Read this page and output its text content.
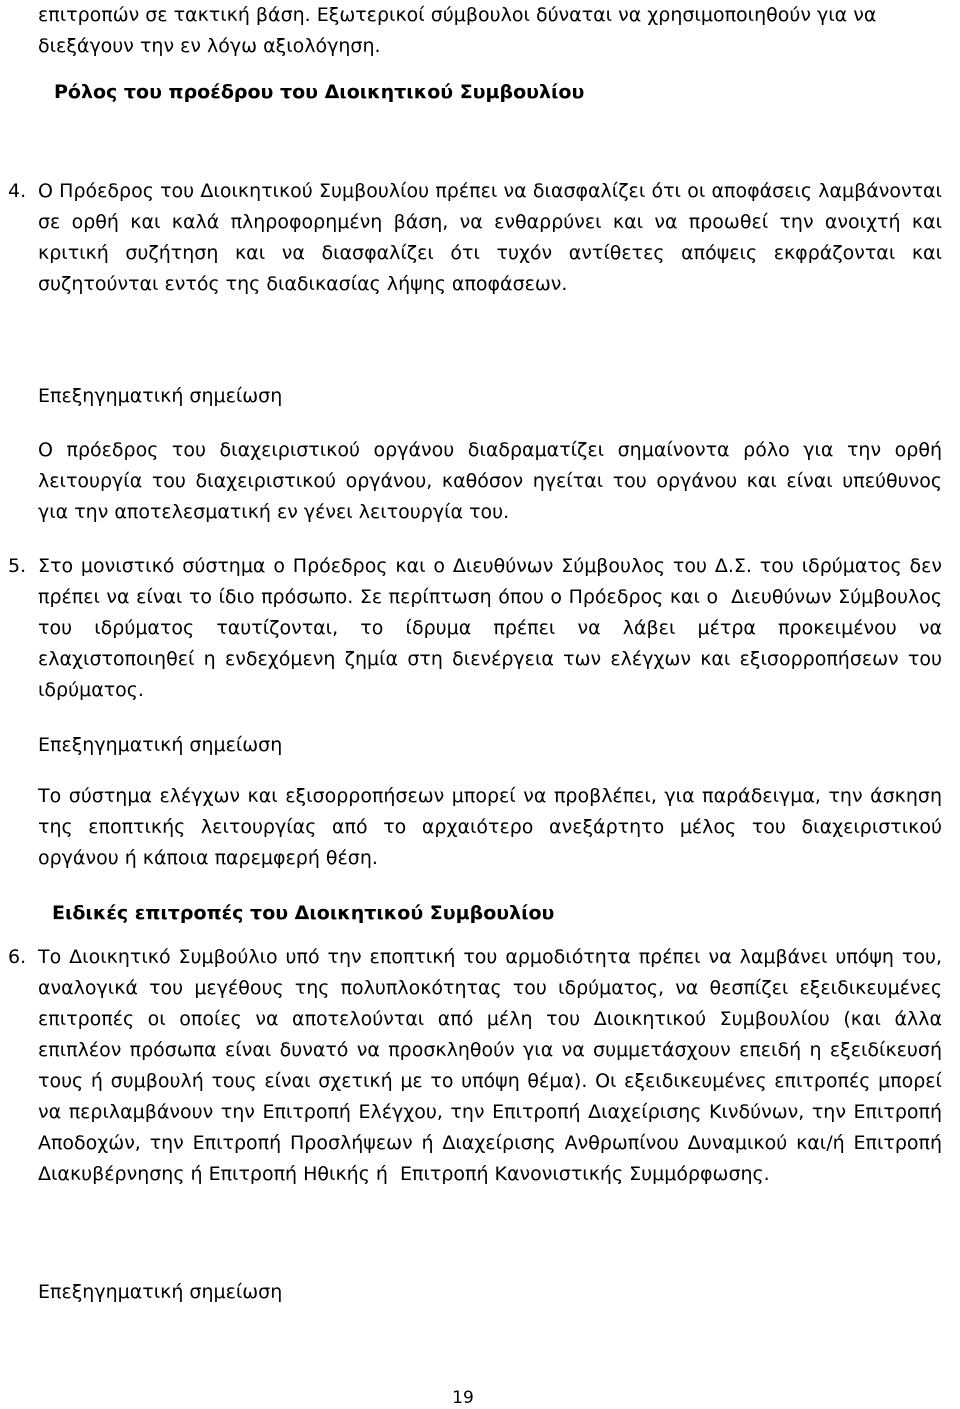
επιτροπών σε τακτική βάση. Εξωτερικοί σύμβουλοι δύναται να χρησιμοποιηθούν για να διεξάγουν την εν λόγω αξιολόγηση.
Ρόλος του προέδρου του Διοικητικού Συμβουλίου
4. Ο Πρόεδρος του Διοικητικού Συμβουλίου πρέπει να διασφαλίζει ότι οι αποφάσεις λαμβάνονται σε ορθή και καλά πληροφορημένη βάση, να ενθαρρύνει και να προωθεί την ανοιχτή και κριτική συζήτηση και να διασφαλίζει ότι τυχόν αντίθετες απόψεις εκφράζονται και συζητούνται εντός της διαδικασίας λήψης αποφάσεων.
Επεξηγηματική σημείωση
Ο πρόεδρος του διαχειριστικού οργάνου διαδραματίζει σημαίνοντα ρόλο για την ορθή λειτουργία του διαχειριστικού οργάνου, καθόσον ηγείται του οργάνου και είναι υπεύθυνος για την αποτελεσματική εν γένει λειτουργία του.
5. Στο μονιστικό σύστημα ο Πρόεδρος και ο Διευθύνων Σύμβουλος του Δ.Σ. του ιδρύματος δεν πρέπει να είναι το ίδιο πρόσωπο. Σε περίπτωση όπου ο Πρόεδρος και ο  Διευθύνων Σύμβουλος  του ιδρύματος ταυτίζονται, το ίδρυμα πρέπει να λάβει μέτρα προκειμένου να ελαχιστοποιηθεί η ενδεχόμενη ζημία στη διενέργεια των ελέγχων και εξισορροπήσεων του ιδρύματος.
Επεξηγηματική σημείωση
Το σύστημα ελέγχων και εξισορροπήσεων μπορεί να προβλέπει, για παράδειγμα, την άσκηση της εποπτικής λειτουργίας από το αρχαιότερο ανεξάρτητο μέλος του διαχειριστικού οργάνου ή κάποια παρεμφερή θέση.
Ειδικές επιτροπές του Διοικητικού Συμβουλίου
6. Το Διοικητικό Συμβούλιο υπό την εποπτική του αρμοδιότητα πρέπει να λαμβάνει υπόψη του, αναλογικά του μεγέθους της πολυπλοκότητας του ιδρύματος, να θεσπίζει εξειδικευμένες επιτροπές οι οποίες να αποτελούνται από μέλη του Διοικητικού Συμβουλίου (και άλλα  επιπλέον πρόσωπα είναι δυνατό να προσκληθούν για να συμμετάσχουν επειδή η εξειδίκευσή τους ή συμβουλή τους είναι σχετική με το υπόψη θέμα). Οι εξειδικευμένες επιτροπές μπορεί να περιλαμβάνουν την Επιτροπή Ελέγχου, την Επιτροπή Διαχείρισης Κινδύνων, την Επιτροπή Αποδοχών, την Επιτροπή Προσλήψεων ή Διαχείρισης Ανθρωπίνου Δυναμικού και/ή Επιτροπή Διακυβέρνησης ή Επιτροπή Ηθικής ή  Επιτροπή Κανονιστικής Συμμόρφωσης.
Επεξηγηματική σημείωση
19
